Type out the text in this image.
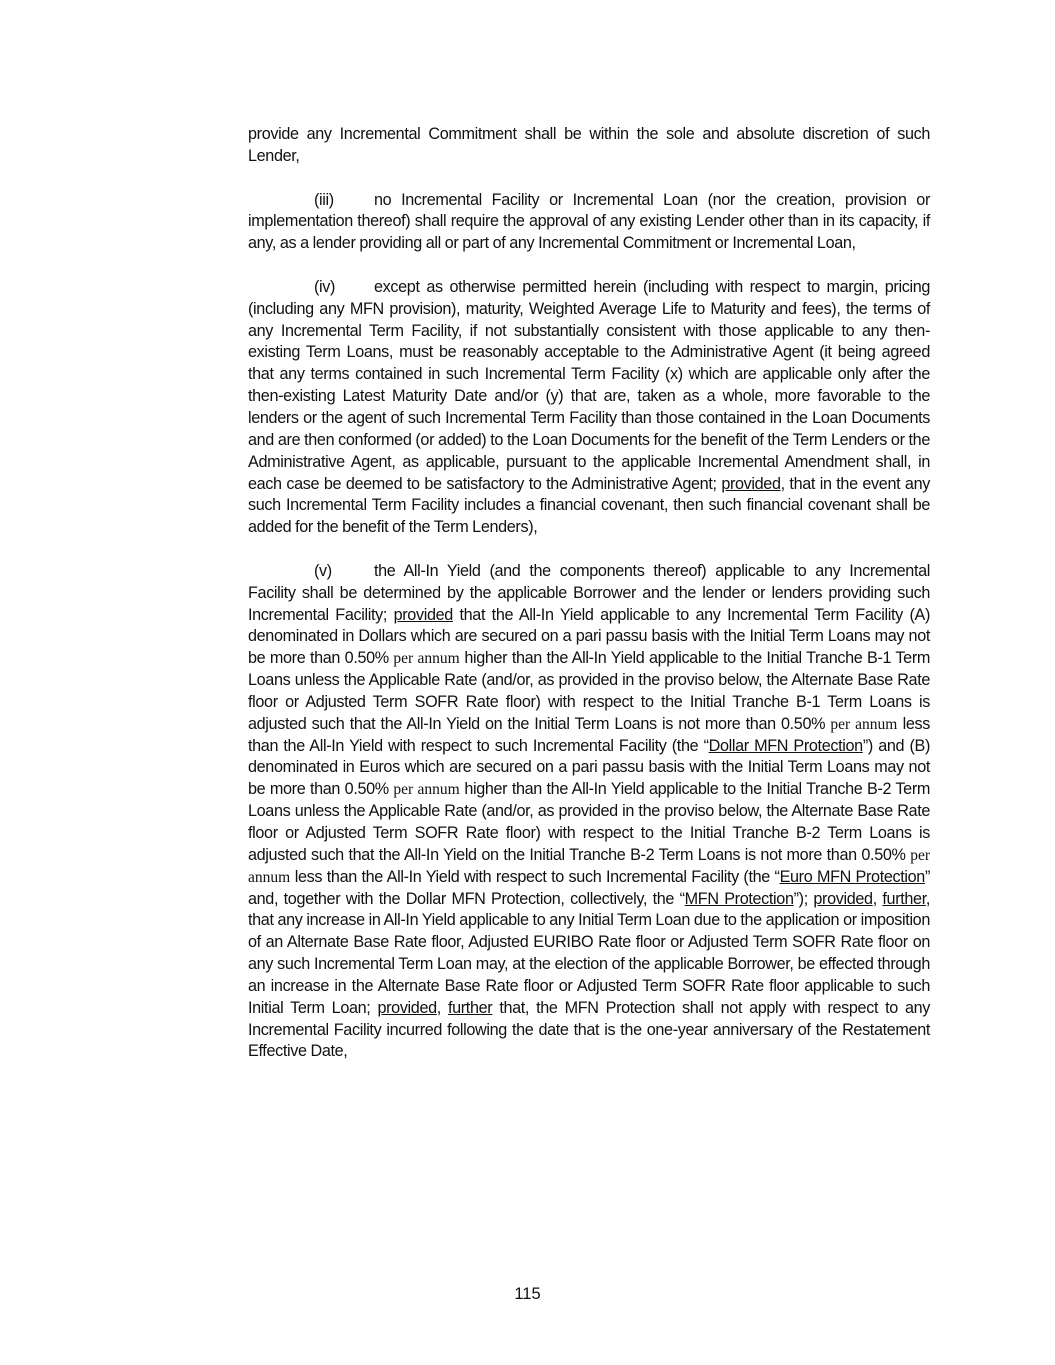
provide any Incremental Commitment shall be within the sole and absolute discretion of such Lender,

(iii) no Incremental Facility or Incremental Loan (nor the creation, provision or implementation thereof) shall require the approval of any existing Lender other than in its capacity, if any, as a lender providing all or part of any Incremental Commitment or Incremental Loan,

(iv) except as otherwise permitted herein (including with respect to margin, pricing (including any MFN provision), maturity, Weighted Average Life to Maturity and fees), the terms of any Incremental Term Facility, if not substantially consistent with those applicable to any then-existing Term Loans, must be reasonably acceptable to the Administrative Agent (it being agreed that any terms contained in such Incremental Term Facility (x) which are applicable only after the then-existing Latest Maturity Date and/or (y) that are, taken as a whole, more favorable to the lenders or the agent of such Incremental Term Facility than those contained in the Loan Documents and are then conformed (or added) to the Loan Documents for the benefit of the Term Lenders or the Administrative Agent, as applicable, pursuant to the applicable Incremental Amendment shall, in each case be deemed to be satisfactory to the Administrative Agent; provided, that in the event any such Incremental Term Facility includes a financial covenant, then such financial covenant shall be added for the benefit of the Term Lenders),

(v)	the All-In Yield (and the components thereof) applicable to any Incremental Facility shall be determined by the applicable Borrower and the lender or lenders providing such Incremental Facility; provided that the All-In Yield applicable to any Incremental Term Facility (A) denominated in Dollars which are secured on a pari passu basis with the Initial Term Loans may not be more than 0.50% per annum higher than the All-In Yield applicable to the Initial Tranche B-1 Term Loans unless the Applicable Rate (and/or, as provided in the proviso below, the Alternate Base Rate floor or Adjusted Term SOFR Rate floor) with respect to the Initial Tranche B-1 Term Loans is adjusted such that the All-In Yield on the Initial Term Loans is not more than 0.50% per annum less than the All-In Yield with respect to such Incremental Facility (the “Dollar MFN Protection”) and (B) denominated in Euros which are secured on a pari passu basis with the Initial Term Loans may not be more than 0.50% per annum higher than the All-In Yield applicable to the Initial Tranche B-2 Term Loans unless the Applicable Rate (and/or, as provided in the proviso below, the Alternate Base Rate floor or Adjusted Term SOFR Rate floor) with respect to the Initial Tranche B-2 Term Loans is adjusted such that the All-In Yield on the Initial Tranche B-2 Term Loans is not more than 0.50% per annum less than the All-In Yield with respect to such Incremental Facility (the “Euro MFN Protection” and, together with the Dollar MFN Protection, collectively, the “MFN Protection”); provided, further, that any increase in All-In Yield applicable to any Initial Term Loan due to the application or imposition of an Alternate Base Rate floor, Adjusted EURIBO Rate floor or Adjusted Term SOFR Rate floor on any such Incremental Term Loan may, at the election of the applicable Borrower, be effected through an increase in the Alternate Base Rate floor or Adjusted Term SOFR Rate floor applicable to such Initial Term Loan; provided, further that, the MFN Protection shall not apply with respect to any Incremental Facility incurred following the date that is the one-year anniversary of the Restatement Effective Date,

115
